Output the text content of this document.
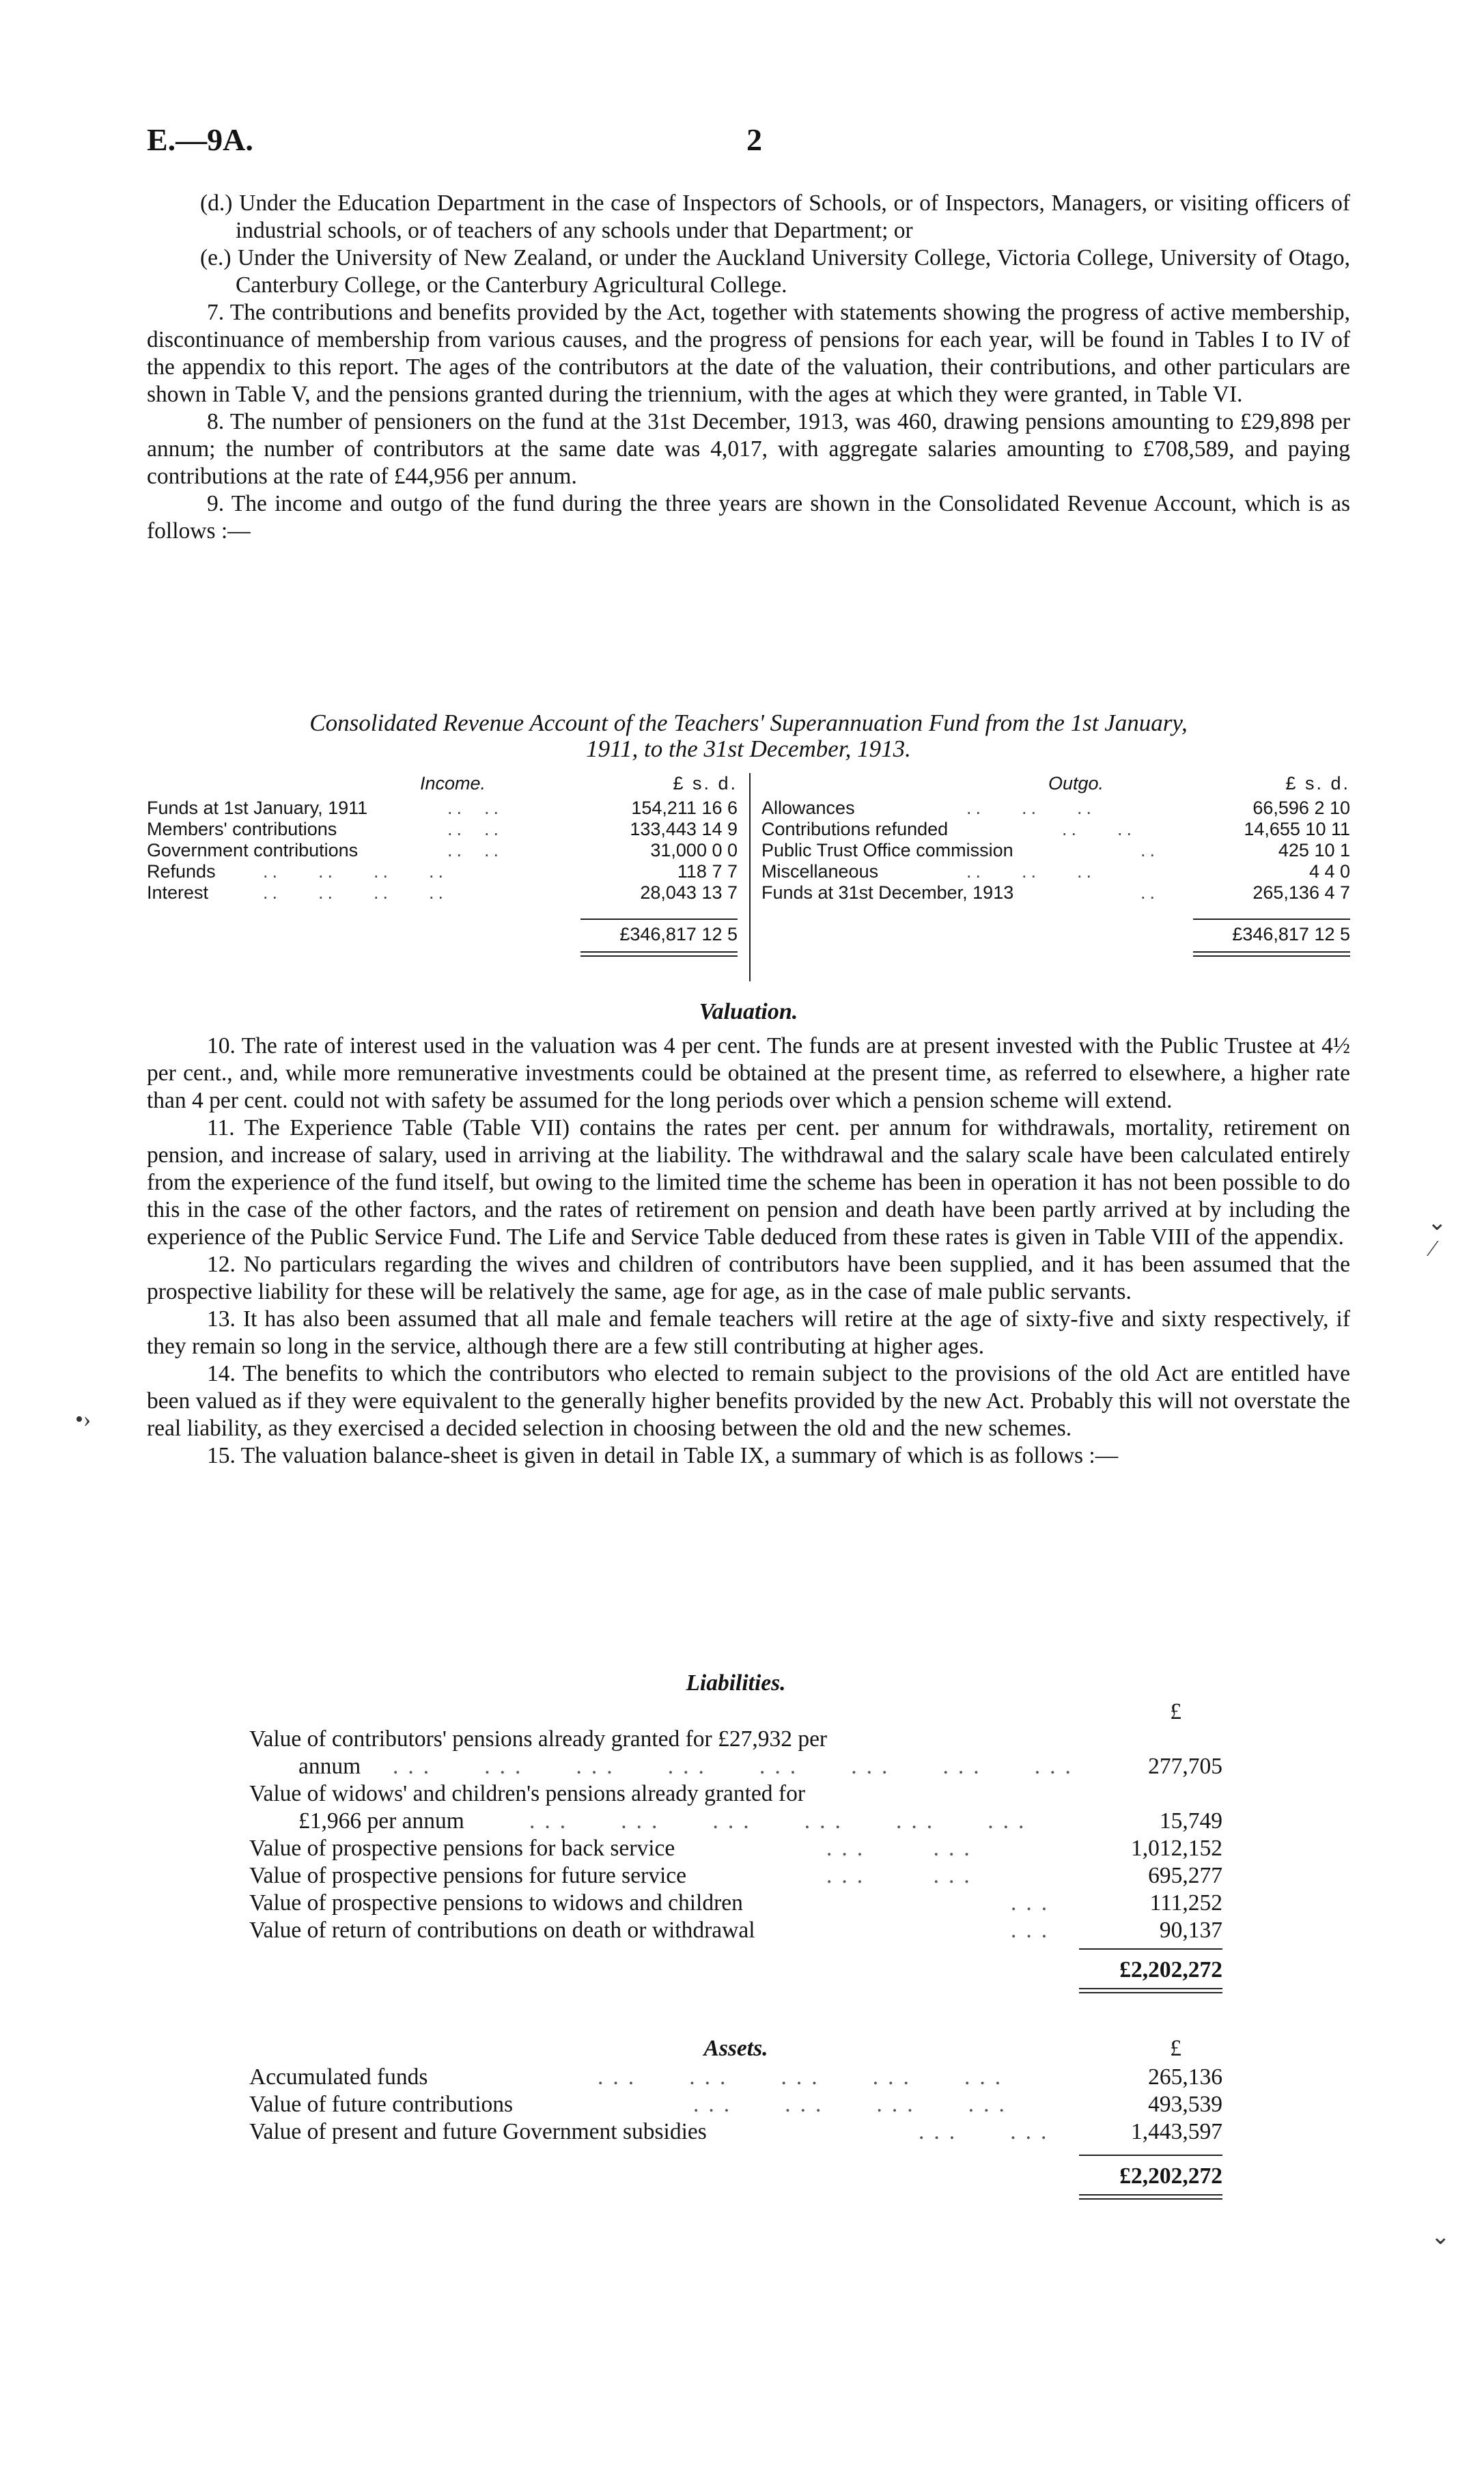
E.—9A.	2

(d.) Under the Education Department in the case of Inspectors of Schools, or of Inspectors, Managers, or visiting officers of industrial schools, or of teachers of any schools under that Department; or

(e.) Under the University of New Zealand, or under the Auckland University College, Victoria College, University of Otago, Canterbury College, or the Canterbury Agricultural College.

7. The contributions and benefits provided by the Act, together with statements showing the progress of active membership, discontinuance of membership from various causes, and the progress of pensions for each year, will be found in Tables I to IV of the appendix to this report. The ages of the contributors at the date of the valuation, their contributions, and other particulars are shown in Table V, and the pensions granted during the triennium, with the ages at which they were granted, in Table VI.

8. The number of pensioners on the fund at the 31st December, 1913, was 460, drawing pensions amounting to £29,898 per annum; the number of contributors at the same date was 4,017, with aggregate salaries amounting to £708,589, and paying contributions at the rate of £44,956 per annum.

9. The income and outgo of the fund during the three years are shown in the Consolidated Revenue Account, which is as follows :—

Consolidated Revenue Account of the Teachers' Superannuation Fund from the 1st January,
1911, to the 31st December, 1913.
Income.	£ s. d.
Funds at 1st January, 1911	..  ..	154,211 16 6
Members' contributions	..  ..	133,443 14 9
Government contributions	..  ..	31,000 0 0
Refunds	..    ..    ..    ..	118 7 7
Interest	..    ..    ..    ..	28,043 13 7
£346,817 12 5
Outgo.	£ s. d.
Allowances	..    ..    ..	66,596 2 10
Contributions refunded	..    ..	14,655 10 11
Public Trust Office commission	..	425 10 1
Miscellaneous	..    ..    ..	4 4 0
Funds at 31st December, 1913	..	265,136 4 7
£346,817 12 5
Valuation.

10. The rate of interest used in the valuation was 4 per cent. The funds are at present invested with the Public Trustee at 4½ per cent., and, while more remunerative investments could be obtained at the present time, as referred to elsewhere, a higher rate than 4 per cent. could not with safety be assumed for the long periods over which a pension scheme will extend.

11. The Experience Table (Table VII) contains the rates per cent. per annum for withdrawals, mortality, retirement on pension, and increase of salary, used in arriving at the liability. The withdrawal and the salary scale have been calculated entirely from the experience of the fund itself, but owing to the limited time the scheme has been in operation it has not been possible to do this in the case of the other factors, and the rates of retirement on pension and death have been partly arrived at by including the experience of the Public Service Fund. The Life and Service Table deduced from these rates is given in Table VIII of the appendix.

12. No particulars regarding the wives and children of contributors have been supplied, and it has been assumed that the prospective liability for these will be relatively the same, age for age, as in the case of male public servants.

13. It has also been assumed that all male and female teachers will retire at the age of sixty-five and sixty respectively, if they remain so long in the service, although there are a few still contributing at higher ages.

14. The benefits to which the contributors who elected to remain subject to the provisions of the old Act are entitled have been valued as if they were equivalent to the generally higher benefits provided by the new Act. Probably this will not overstate the real liability, as they exercised a decided selection in choosing between the old and the new schemes.

15. The valuation balance-sheet is given in detail in Table IX, a summary of which is as follows :—

Liabilities.
£
Value of contributors' pensions already granted for £27,932 per
annum ...   ...   ...   ...   ...   ...   ...   ...	277,705
Value of widows' and children's pensions already granted for
£1,966 per annum	...   ...   ...   ...   ...   ...	15,749
Value of prospective pensions for back service	...    ...	1,012,152
Value of prospective pensions for future service	...    ...	695,277
Value of prospective pensions to widows and children	...	111,252
Value of return of contributions on death or withdrawal	...	90,137
£2,202,272
Assets.	£
Accumulated funds	...   ...   ...   ...   ...	265,136
Value of future contributions	...   ...   ...   ...	493,539
Value of present and future Government subsidies	...   ...	1,443,597
£2,202,272
⌄
⁄
•›
⌄
